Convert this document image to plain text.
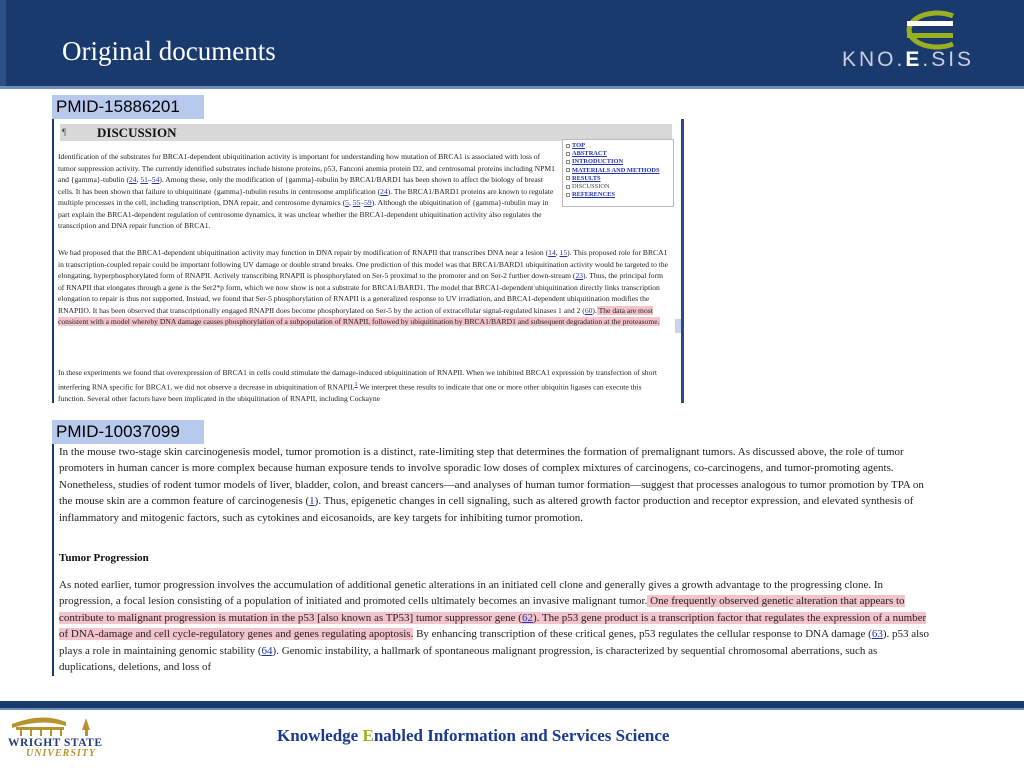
Original documents	KNO.E.SIS
PMID-15886201
¶ DISCUSSION
TOP
ABSTRACT
INTRODUCTION
MATERIALS AND METHODS
RESULTS
DISCUSSION
REFERENCES
Identification of the substrates for BRCA1-dependent ubiquitination activity is important for understanding how mutation of BRCA1 is associated with loss of tumor suppression activity. The currently identified substrates include histone proteins, p53, Fanconi anemia protein D2, and centrosomal proteins including NPM1 and {gamma}-tubulin (24, 51–54). Among these, only the modification of {gamma}-tubulin by BRCA1/BARD1 has been shown to affect the biology of breast cells. It has been shown that failure to ubiquitinate {gamma}-tubulin results in centrosome amplification (24). The BRCA1/BARD1 proteins are known to regulate multiple processes in the cell, including transcription, DNA repair, and centrosome dynamics (5, 55–59). Although the ubiquitination of {gamma}-tubulin may in part explain the BRCA1-dependent regulation of centrosome dynamics, it was unclear whether the BRCA1-dependent ubiquitination activity also regulates the transcription and DNA repair function of BRCA1.
We had proposed that the BRCA1-dependent ubiquitination activity may function in DNA repair by modification of RNAPII that transcribes DNA near a lesion (14, 15). This proposed role for BRCA1 in transcription-coupled repair could be important following UV damage or double strand breaks. One prediction of this model was that BRCA1/BARD1 ubiquitination activity would be targeted to the elongating, hyperphosphorylated form of RNAPII. Actively transcribing RNAPII is phosphorylated on Ser-5 proximal to the promoter and on Ser-2 further down-stream (23). Thus, the principal form of RNAPII that elongates through a gene is the Ser2*p form, which we now show is not a substrate for BRCA1/BARD1. The model that BRCA1-dependent ubiquitination directly links transcription elongation to repair is thus not supported. Instead, we found that Ser-5 phosphorylation of RNAPII is a generalized response to UV irradiation, and BRCA1-dependent ubiquitination modifies the RNAPIIO. It has been observed that transcriptionally engaged RNAPII does become phosphorylated on Ser-5 by the action of extracellular signal-regulated kinases 1 and 2 (60). The data are most consistent with a model whereby DNA damage causes phosphorylation of a subpopulation of RNAPII, followed by ubiquitination by BRCA1/BARD1 and subsequent degradation at the proteasome.
In these experiments we found that overexpression of BRCA1 in cells could stimulate the damage-induced ubiquitination of RNAPII. When we inhibited BRCA1 expression by transfection of short interfering RNA specific for BRCA1, we did not observe a decrease in ubiquitination of RNAPII.$^1$ We interpret these results to indicate that one or more other ubiquitin ligases can execute this function. Several other factors have been implicated in the ubiquitination of RNAPII, including Cockayne
PMID-10037099
In the mouse two-stage skin carcinogenesis model, tumor promotion is a distinct, rate-limiting step that determines the formation of premalignant tumors. As discussed above, the role of tumor promoters in human cancer is more complex because human exposure tends to involve sporadic low doses of complex mixtures of carcinogens, co-carcinogens, and tumor-promoting agents. Nonetheless, studies of rodent tumor models of liver, bladder, colon, and breast cancers—and analyses of human tumor formation—suggest that processes analogous to tumor promotion by TPA on the mouse skin are a common feature of carcinogenesis (1). Thus, epigenetic changes in cell signaling, such as altered growth factor production and receptor expression, and elevated synthesis of inflammatory and mitogenic factors, such as cytokines and eicosanoids, are key targets for inhibiting tumor promotion.
Tumor Progression
As noted earlier, tumor progression involves the accumulation of additional genetic alterations in an initiated cell clone and generally gives a growth advantage to the progressing clone. In progression, a focal lesion consisting of a population of initiated and promoted cells ultimately becomes an invasive malignant tumor. One frequently observed genetic alteration that appears to contribute to malignant progression is mutation in the p53 [also known as TP53] tumor suppressor gene (62). The p53 gene product is a transcription factor that regulates the expression of a number of DNA-damage and cell cycle-regulatory genes and genes regulating apoptosis. By enhancing transcription of these critical genes, p53 regulates the cellular response to DNA damage (63). p53 also plays a role in maintaining genomic stability (64). Genomic instability, a hallmark of spontaneous malignant progression, is characterized by sequential chromosomal aberrations, such as duplications, deletions, and loss of
WRIGHT STATE
UNIVERSITY
Knowledge Enabled Information and Services Science
